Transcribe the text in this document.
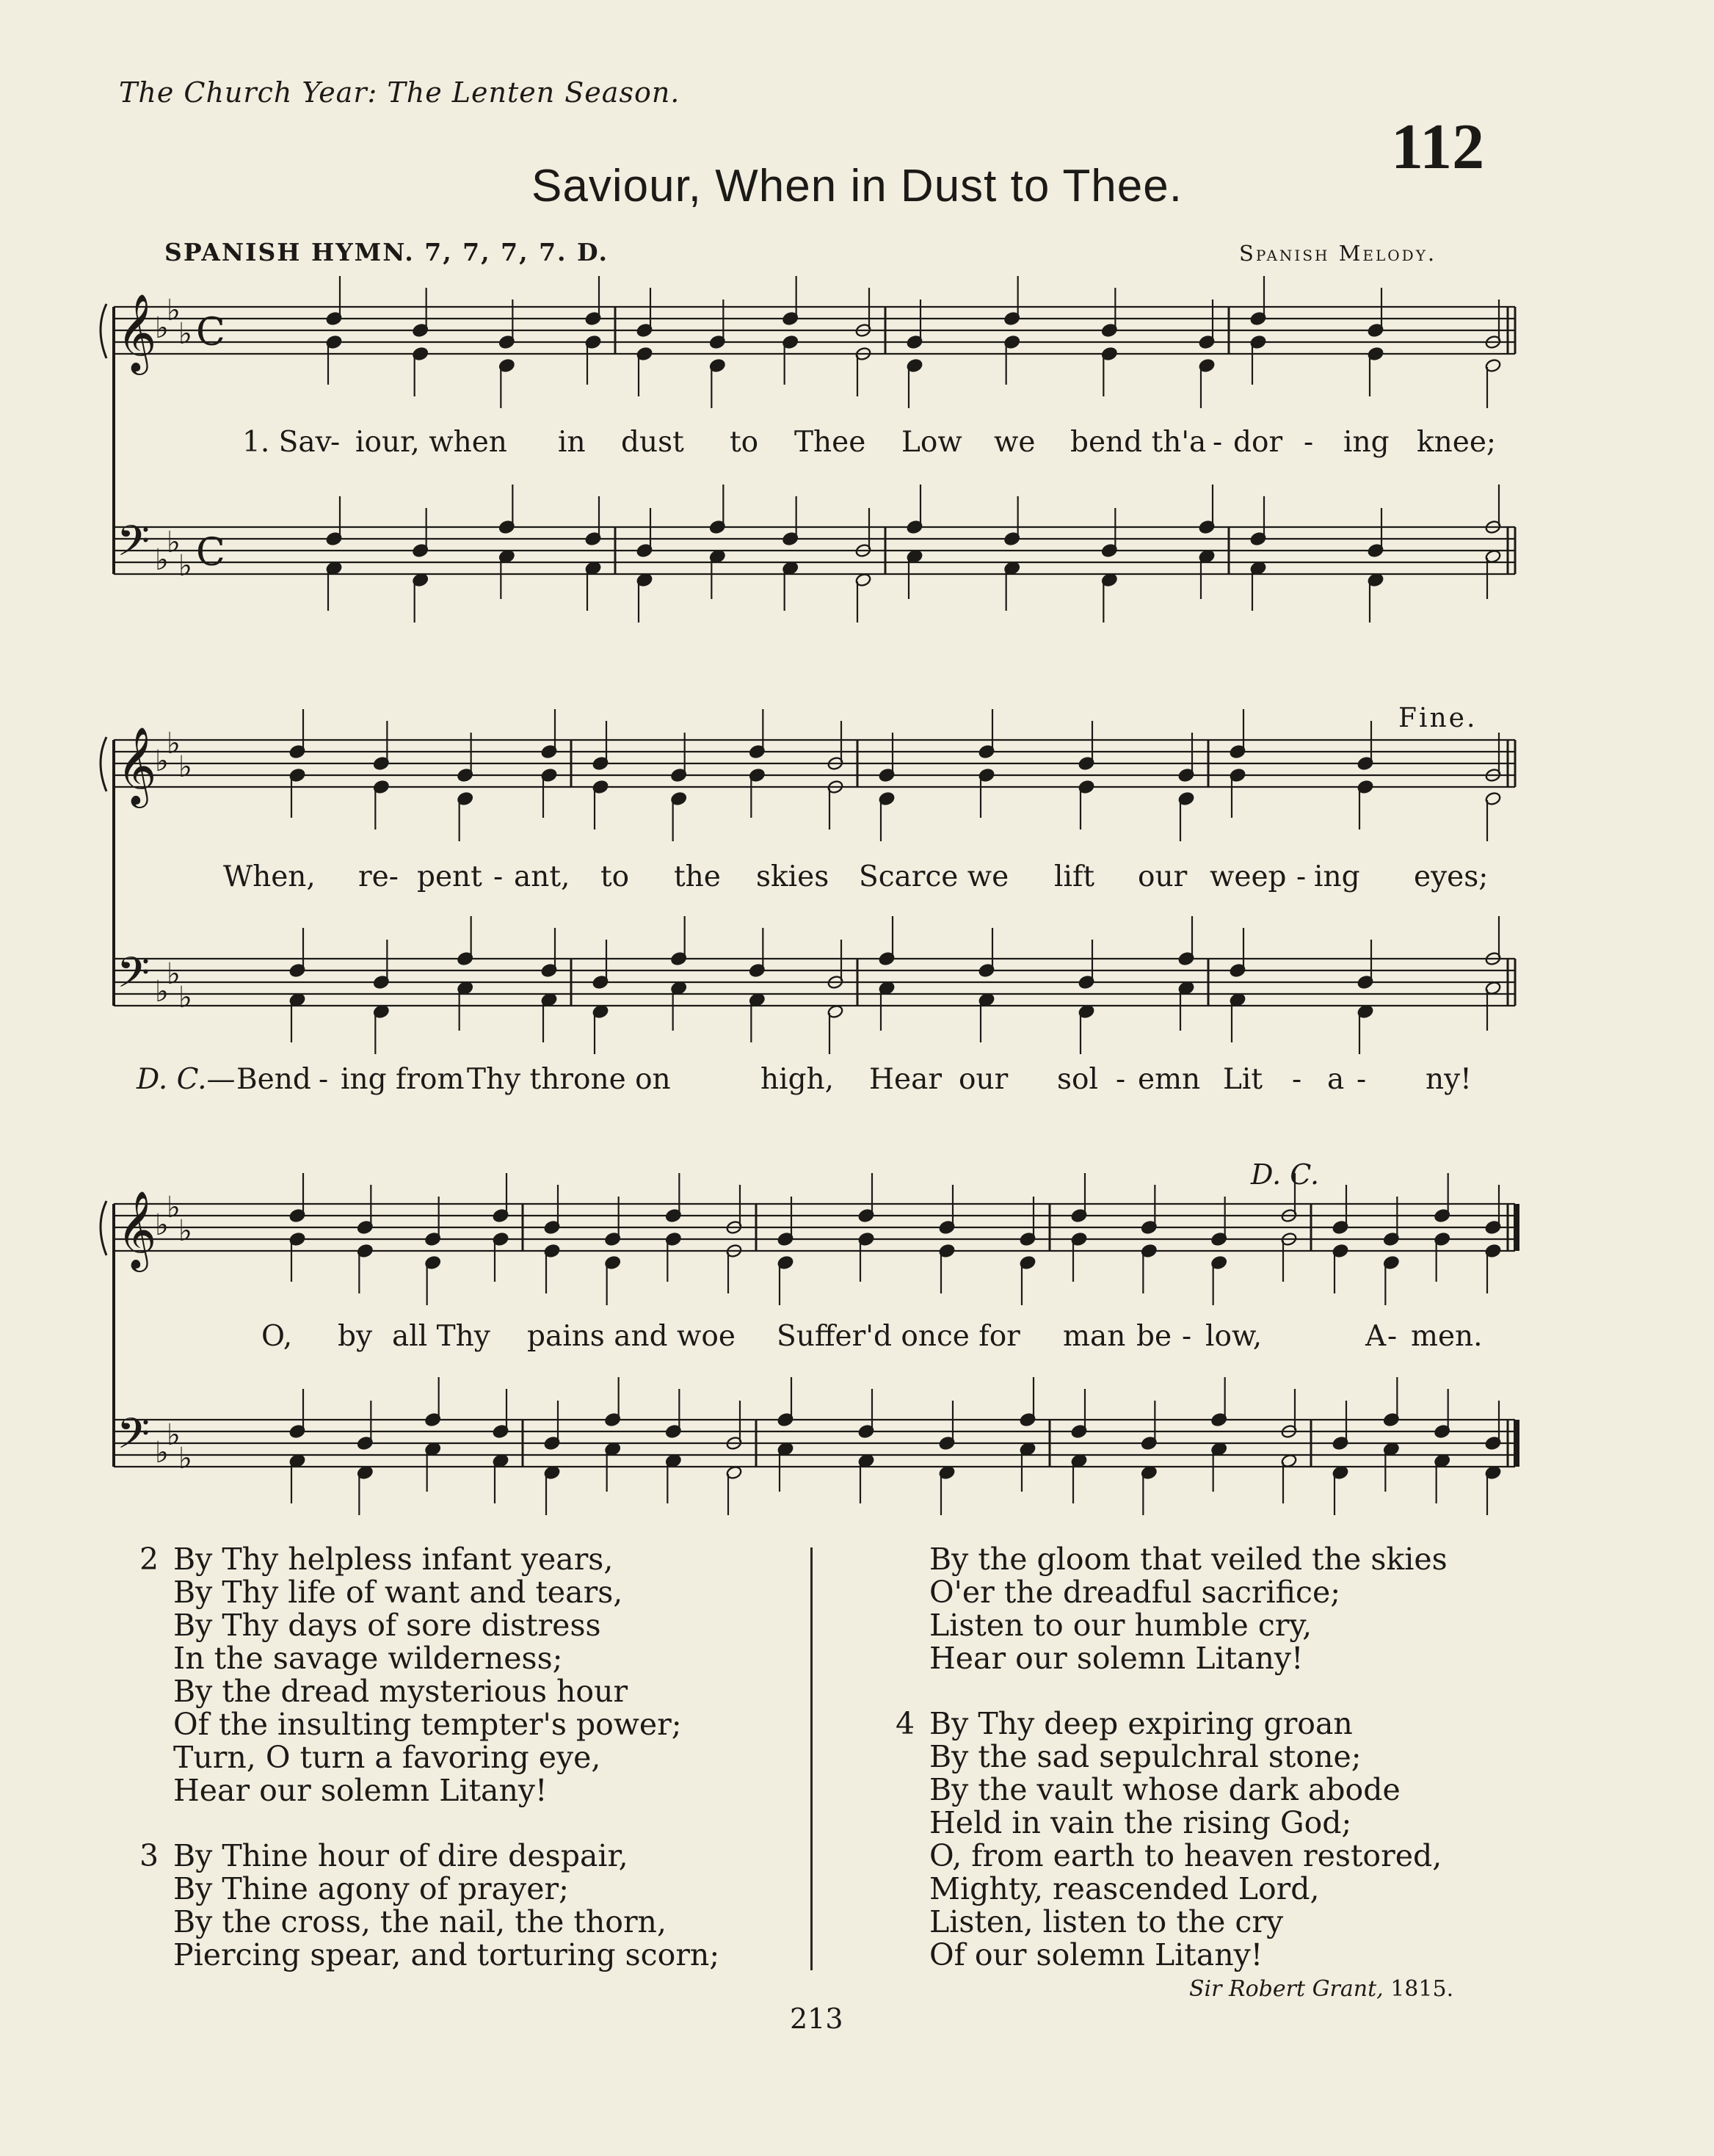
The Church Year: The Lenten Season.
112
Saviour, When in Dust to Thee.
SPANISH HYMN. 7, 7, 7, 7. D.	Spanish Melody.
𝄞
𝄢
♭
♭
♭
♭
♭
♭
C
C
𝄞
𝄢
♭
♭
♭
♭
♭
♭
𝄞
𝄢
♭
♭
♭
♭
♭
♭
Fine.
D. C.
1. Sav
- iour, when in dust to Thee Low we bend th'a - dor - ing knee;
When, re- pent - ant, to the skies Scarce we lift our weep - ing eyes;
D. C.— Bend - ing from Thy throne on	high, Hear our sol - emn Lit - a - ny!
O, by all Thy pains and woe Suffer'd once for man be - low,	A - men.
2 By Thy helpless infant years,
By Thy life of want and tears,
By Thy days of sore distress
In the savage wilderness;
By the dread mysterious hour
Of the insulting tempter's power;
Turn, O turn a favoring eye,
Hear our solemn Litany!
3 By Thine hour of dire despair,
By Thine agony of prayer;
By the cross, the nail, the thorn,
Piercing spear, and torturing scorn;
By the gloom that veiled the skies
O'er the dreadful sacrifice;
Listen to our humble cry,
Hear our solemn Litany!
4 By Thy deep expiring groan
By the sad sepulchral stone;
By the vault whose dark abode
Held in vain the rising God;
O, from earth to heaven restored,
Mighty, reascended Lord,
Listen, listen to the cry
Of our solemn Litany!
Sir Robert Grant, 1815.
213
